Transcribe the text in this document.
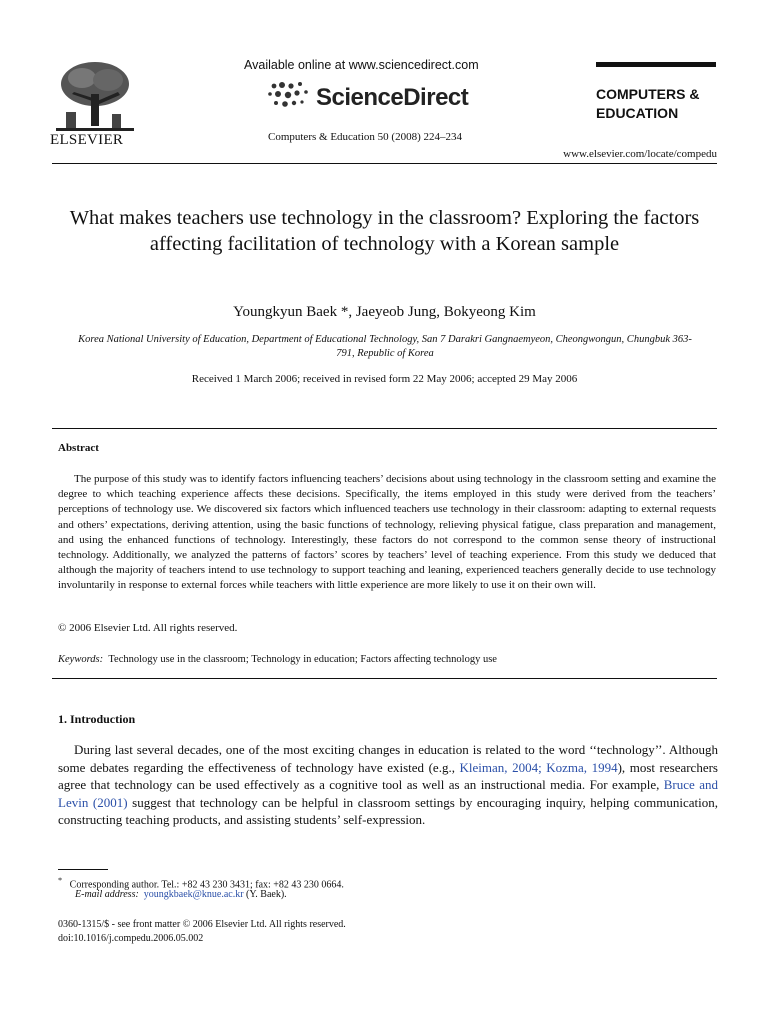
ELSEVIER
Available online at www.sciencedirect.com
ScienceDirect
Computers & Education 50 (2008) 224–234
COMPUTERS &
EDUCATION
www.elsevier.com/locate/compedu
What makes teachers use technology in the classroom? Exploring the factors affecting facilitation of technology with a Korean sample
Youngkyun Baek *, Jaeyeob Jung, Bokyeong Kim
Korea National University of Education, Department of Educational Technology, San 7 Darakri Gangnaemyeon, Cheongwongun, Chungbuk 363-791, Republic of Korea
Received 1 March 2006; received in revised form 22 May 2006; accepted 29 May 2006
Abstract

The purpose of this study was to identify factors influencing teachers’ decisions about using technology in the classroom setting and examine the degree to which teaching experience affects these decisions. Specifically, the items employed in this study were derived from the teachers’ perceptions of technology use. We discovered six factors which influenced teachers use technology in their classroom: adapting to external requests and others’ expectations, deriving attention, using the basic functions of technology, relieving physical fatigue, class preparation and management, and using the enhanced functions of technology. Interestingly, these factors do not correspond to the common sense theory of instructional technology. Additionally, we analyzed the patterns of factors’ scores by teachers’ level of teaching experience. From this study we deduced that although the majority of teachers intend to use technology to support teaching and leaning, experienced teachers generally decide to use technology involuntarily in response to external forces while teachers with little experience are more likely to use it on their own will.

© 2006 Elsevier Ltd. All rights reserved.
Keywords: Technology use in the classroom; Technology in education; Factors affecting technology use
1. Introduction

During last several decades, one of the most exciting changes in education is related to the word ‘‘technology’’. Although some debates regarding the effectiveness of technology have existed (e.g., Kleiman, 2004; Kozma, 1994), most researchers agree that technology can be used effectively as a cognitive tool as well as an instructional media. For example, Bruce and Levin (2001) suggest that technology can be helpful in classroom settings by encouraging inquiry, helping communication, constructing teaching products, and assisting students’ self-expression.

* Corresponding author. Tel.: +82 43 230 3431; fax: +82 43 230 0664.
E-mail address: youngkbaek@knue.ac.kr (Y. Baek).
0360-1315/$ - see front matter © 2006 Elsevier Ltd. All rights reserved.
doi:10.1016/j.compedu.2006.05.002
